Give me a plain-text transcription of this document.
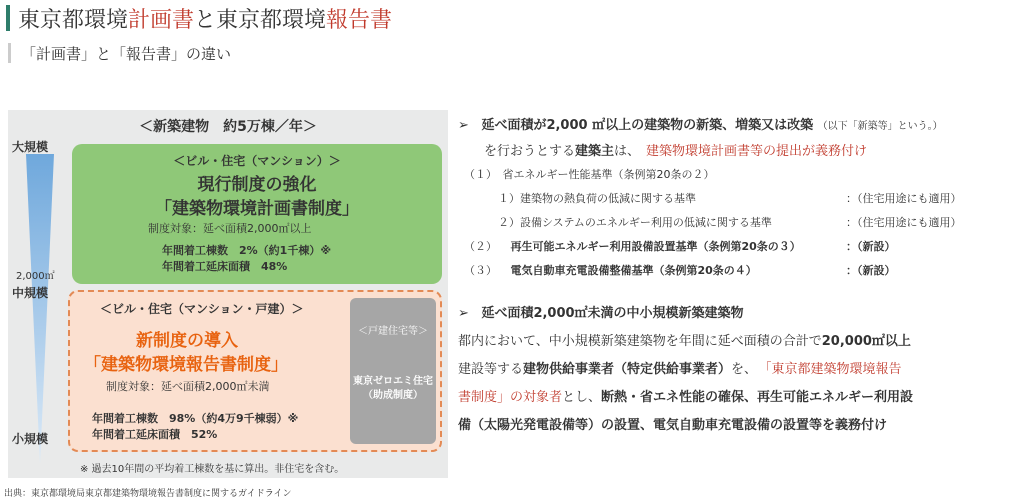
東京都環境計画書と東京都環境報告書
「計画書」と「報告書」の違い
＜新築建物　約5万棟／年＞
大規模
2,000㎡
中規模
小規模
＜ビル・住宅（マンション）＞
現行制度の強化
「建築物環境計画書制度」
制度対象：延べ面積2,000㎡以上
年間着工棟数　2%（約1千棟）※
年間着工延床面積　48%
＜ビル・住宅（マンション・戸建）＞
新制度の導入
「建築物環境報告書制度」
制度対象：延べ面積2,000㎡未満
年間着工棟数　98%（約4万9千棟弱）※
年間着工延床面積　52%
＜戸建住宅等＞
東京ゼロエミ住宅
（助成制度）
※ 過去10年間の平均着工棟数を基に算出。非住宅を含む。
出典：東京都環境局東京都建築物環境報告書制度に関するガイドライン
➢ 延べ面積が2,000 ㎡以上の建築物の新築、増築又は改築 （以下「新築等」という。）
を行おうとする建築主は、 建築物環境計画書等の提出が義務付け
（１）　省エネルギー性能基準（条例第20条の２）
１）建築物の熱負荷の低減に関する基準	：（住宅用途にも適用）
２）設備システムのエネルギー利用の低減に関する基準	：（住宅用途にも適用）
（２） 再生可能エネルギー利用設備設置基準（条例第20条の３）	：（新設）
（３） 電気自動車充電設備整備基準（条例第20条の４）	：（新設）
➢ 延べ面積2,000㎡未満の中小規模新築建築物
都内において、中小規模新築建築物を年間に延べ面積の合計で20,000㎡以上
建設等する建物供給事業者（特定供給事業者）を、 「東京都建築物環境報告
書制度」の対象者とし、断熱・省エネ性能の確保、再生可能エネルギー利用設
備（太陽光発電設備等）の設置、電気自動車充電設備の設置等を義務付け
